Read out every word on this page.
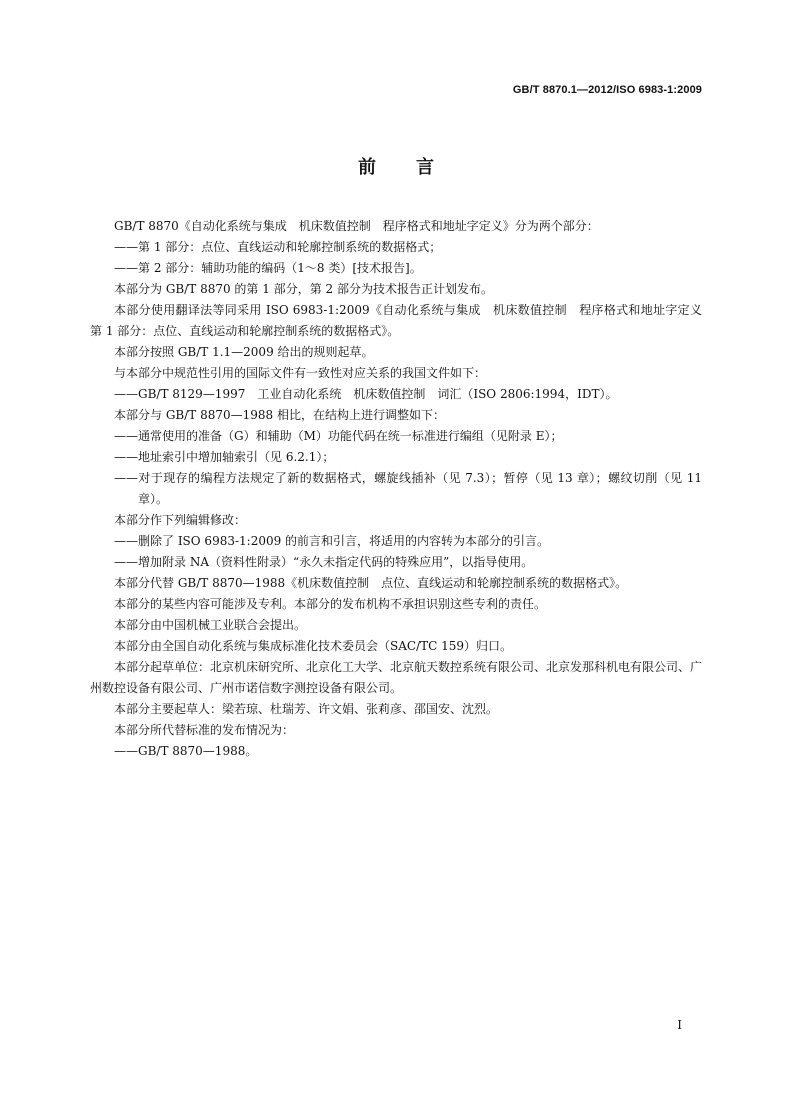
GB/T 8870.1—2012/ISO 6983-1:2009
前言

GB/T 8870《自动化系统与集成　机床数值控制　程序格式和地址字定义》分为两个部分：

——第 1 部分：点位、直线运动和轮廓控制系统的数据格式；

——第 2 部分：辅助功能的编码（1～8 类）[技术报告]。

本部分为 GB/T 8870 的第 1 部分，第 2 部分为技术报告正计划发布。

本部分使用翻译法等同采用 ISO 6983-1:2009《自动化系统与集成　机床数值控制　程序格式和地址字定义　第 1 部分：点位、直线运动和轮廓控制系统的数据格式》。

本部分按照 GB/T 1.1—2009 给出的规则起草。

与本部分中规范性引用的国际文件有一致性对应关系的我国文件如下：

——GB/T 8129—1997　工业自动化系统　机床数值控制　词汇（ISO 2806:1994，IDT）。

本部分与 GB/T 8870—1988 相比，在结构上进行调整如下：

——通常使用的准备（G）和辅助（M）功能代码在统一标准进行编组（见附录 E）；

——地址索引中增加轴索引（见 6.2.1）；

——对于现存的编程方法规定了新的数据格式，螺旋线插补（见 7.3）；暂停（见 13 章）；螺纹切削（见 11 章）。

本部分作下列编辑修改：

——删除了 ISO 6983-1:2009 的前言和引言，将适用的内容转为本部分的引言。

——增加附录 NA（资料性附录）“永久未指定代码的特殊应用”，以指导使用。

本部分代替 GB/T 8870—1988《机床数值控制　点位、直线运动和轮廓控制系统的数据格式》。

本部分的某些内容可能涉及专利。本部分的发布机构不承担识别这些专利的责任。

本部分由中国机械工业联合会提出。

本部分由全国自动化系统与集成标准化技术委员会（SAC/TC 159）归口。

本部分起草单位：北京机床研究所、北京化工大学、北京航天数控系统有限公司、北京发那科机电有限公司、广州数控设备有限公司、广州市诺信数字测控设备有限公司。

本部分主要起草人：梁若琼、杜瑞芳、许文娟、张莉彦、邵国安、沈烈。

本部分所代替标准的发布情况为：

——GB/T 8870—1988。

I
